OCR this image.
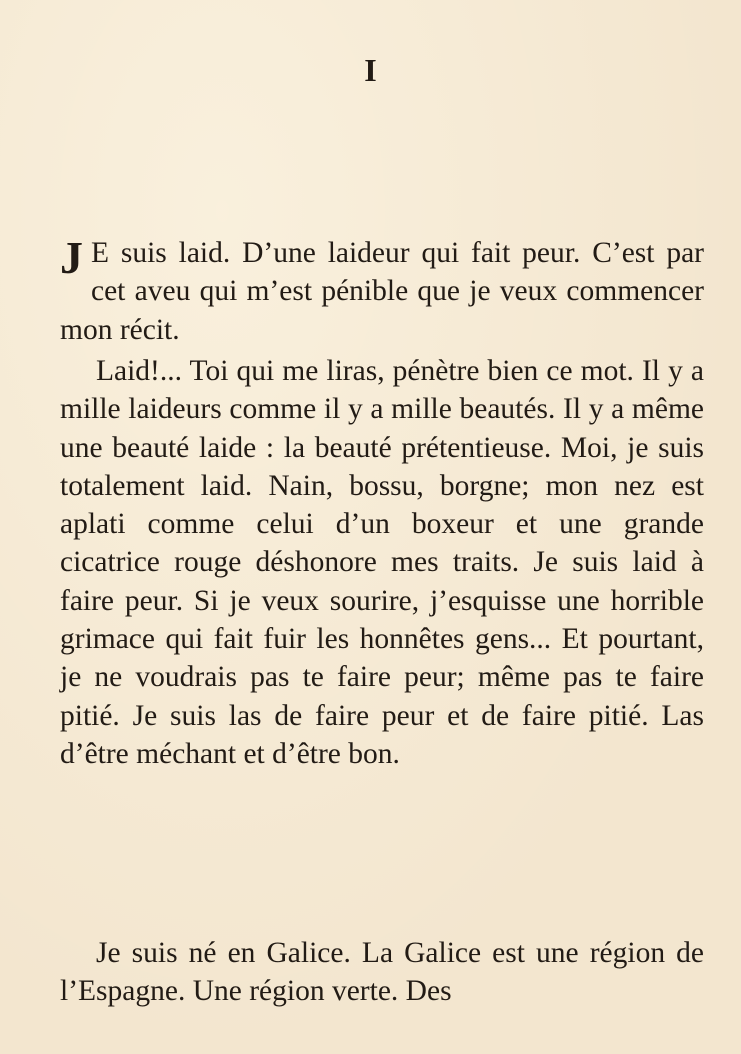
I

J E suis laid. D’une laideur qui fait peur. C’est par cet aveu qui m’est pénible que je veux commencer mon récit.

Laid!... Toi qui me liras, pénètre bien ce mot. Il y a mille laideurs comme il y a mille beautés. Il y a même une beauté laide : la beauté prétentieuse. Moi, je suis totalement laid. Nain, bossu, borgne; mon nez est aplati comme celui d’un boxeur et une grande cicatrice rouge déshonore mes traits. Je suis laid à faire peur. Si je veux sourire, j’esquisse une horrible grimace qui fait fuir les honnêtes gens... Et pourtant, je ne voudrais pas te faire peur; même pas te faire pitié. Je suis las de faire peur et de faire pitié. Las d’être méchant et d’être bon.

Je suis né en Galice. La Galice est une région de l’Espagne. Une région verte. Des
